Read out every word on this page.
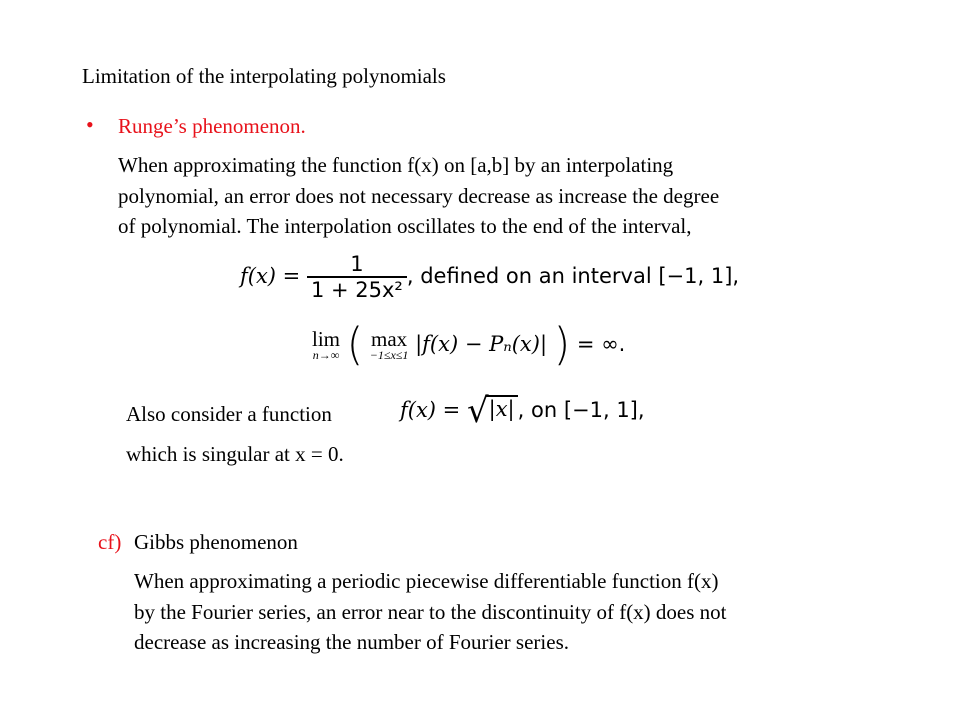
Limitation of the interpolating polynomials
• Runge’s phenomenon.
When approximating the function f(x) on [a,b] by an interpolating
polynomial, an error does not necessary decrease as increase the degree
of polynomial. The interpolation oscillates to the end of the interval,
$f(x) = \frac{1}{\text{1 + 25x²}}$ , defined on an interval [−1, 1],
lim
n→∞ ( max
−1≤x≤1 |f(x) − Pₙ(x)| ) = ∞.
Also consider a function	f(x) = √|x| , on [−1, 1],
which is singular at x = 0.
cf) Gibbs phenomenon
When approximating a periodic piecewise differentiable function f(x)
by the Fourier series, an error near to the discontinuity of f(x) does not
decrease as increasing the number of Fourier series.
